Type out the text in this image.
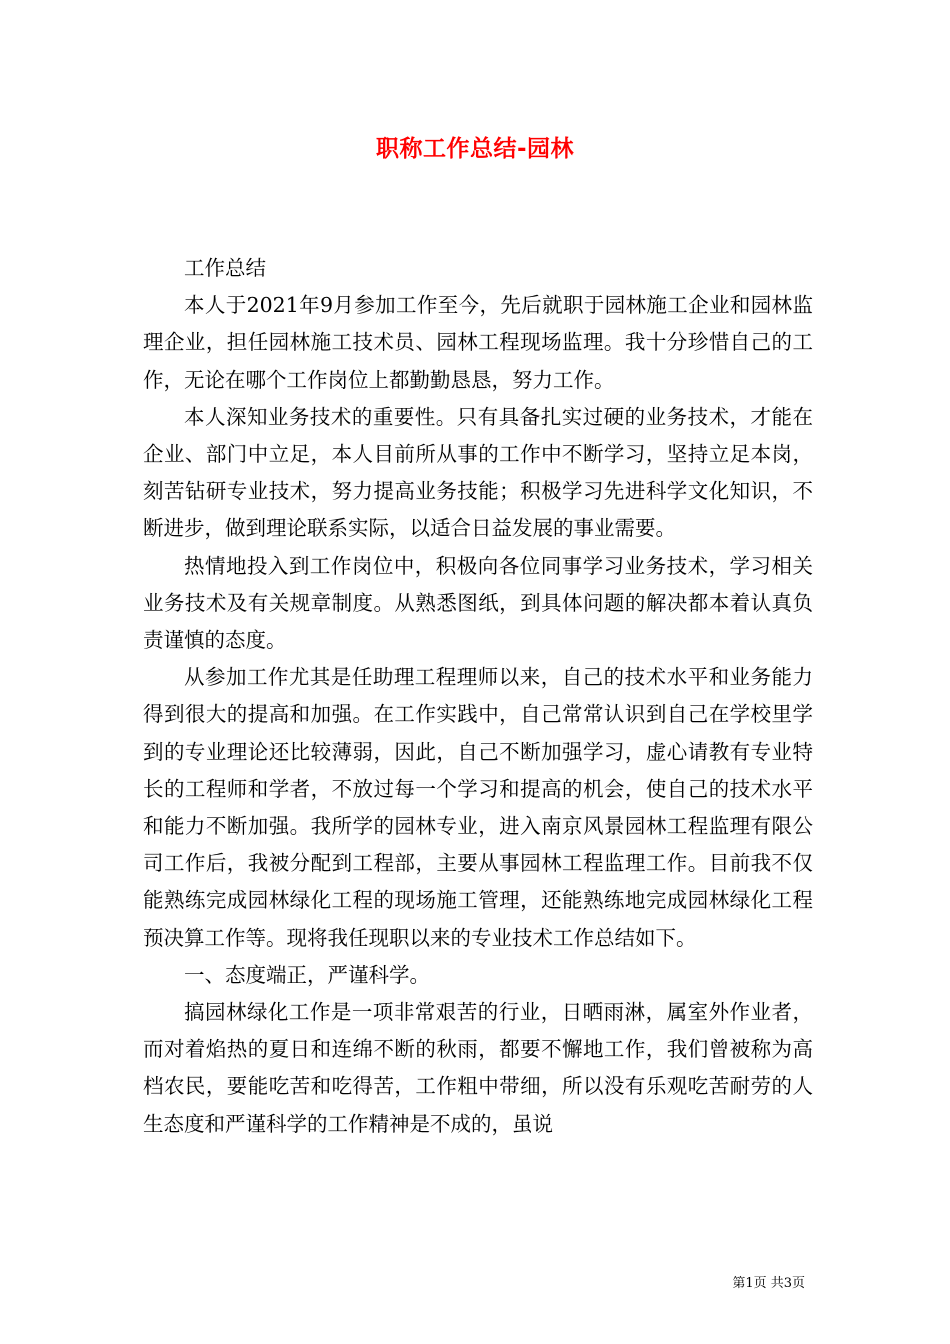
职称工作总结-园林

工作总结

本人于2021年9月参加工作至今，先后就职于园林施工企业和园林监理企业，担任园林施工技术员、园林工程现场监理。我十分珍惜自己的工作，无论在哪个工作岗位上都勤勤恳恳，努力工作。

本人深知业务技术的重要性。只有具备扎实过硬的业务技术，才能在企业、部门中立足，本人目前所从事的工作中不断学习，坚持立足本岗，刻苦钻研专业技术，努力提高业务技能；积极学习先进科学文化知识，不断进步，做到理论联系实际，以适合日益发展的事业需要。

热情地投入到工作岗位中，积极向各位同事学习业务技术，学习相关业务技术及有关规章制度。从熟悉图纸，到具体问题的解决都本着认真负责谨慎的态度。

从参加工作尤其是任助理工程理师以来，自己的技术水平和业务能力得到很大的提高和加强。在工作实践中，自己常常认识到自己在学校里学到的专业理论还比较薄弱，因此，自己不断加强学习，虚心请教有专业特长的工程师和学者，不放过每一个学习和提高的机会，使自己的技术水平和能力不断加强。我所学的园林专业，进入南京风景园林工程监理有限公司工作后，我被分配到工程部，主要从事园林工程监理工作。目前我不仅能熟练完成园林绿化工程的现场施工管理，还能熟练地完成园林绿化工程预决算工作等。现将我任现职以来的专业技术工作总结如下。

一、态度端正，严谨科学。

搞园林绿化工作是一项非常艰苦的行业，日晒雨淋，属室外作业者，而对着焰热的夏日和连绵不断的秋雨，都要不懈地工作，我们曾被称为高档农民，要能吃苦和吃得苦，工作粗中带细，所以没有乐观吃苦耐劳的人生态度和严谨科学的工作精神是不成的，虽说

第1页 共3页
